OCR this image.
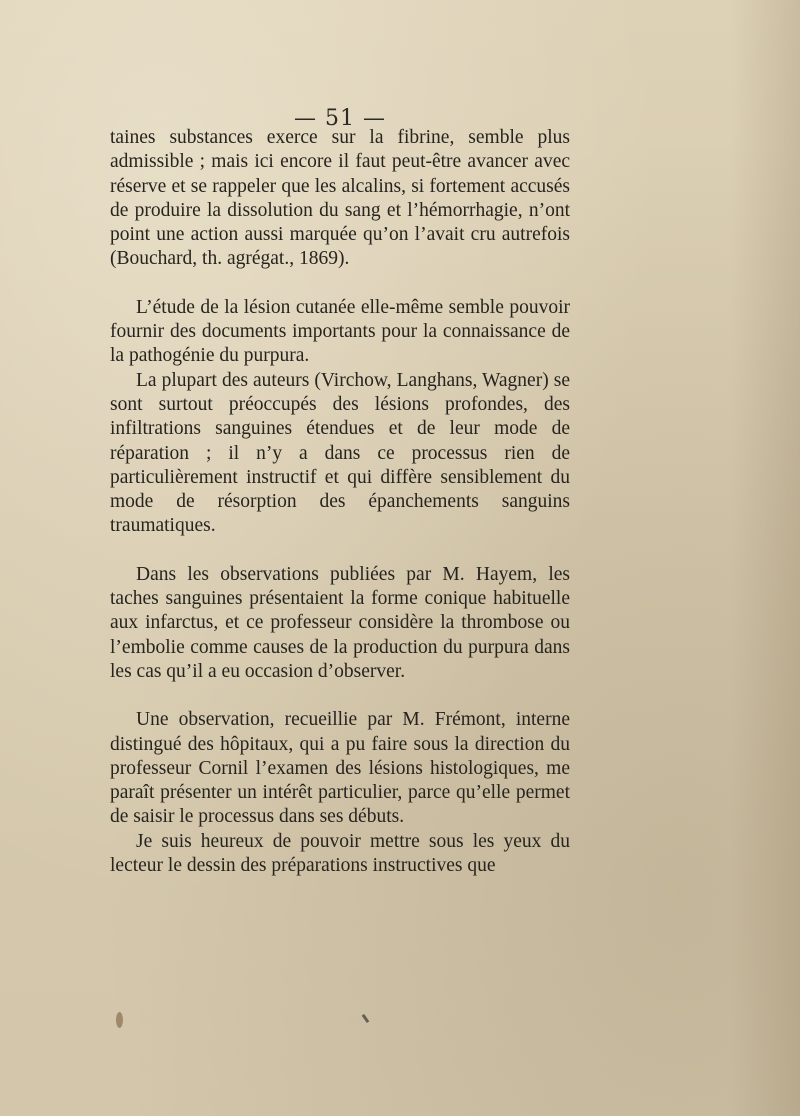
— 51 —

taines substances exerce sur la fibrine, semble plus admissible ; mais ici encore il faut peut-être avancer avec réserve et se rappeler que les alcalins, si fortement accusés de produire la dissolution du sang et l’hémorrhagie, n’ont point une action aussi marquée qu’on l’avait cru autrefois (Bouchard, th. agrégat., 1869).

L’étude de la lésion cutanée elle-même semble pouvoir fournir des documents importants pour la connaissance de la pathogénie du purpura.

La plupart des auteurs (Virchow, Langhans, Wagner) se sont surtout préoccupés des lésions profondes, des infiltrations sanguines étendues et de leur mode de réparation ; il n’y a dans ce processus rien de particulièrement instructif et qui diffère sensiblement du mode de résorption des épanchements sanguins traumatiques.

Dans les observations publiées par M. Hayem, les taches sanguines présentaient la forme conique habituelle aux infarctus, et ce professeur considère la thrombose ou l’embolie comme causes de la production du purpura dans les cas qu’il a eu occasion d’observer.

Une observation, recueillie par M. Frémont, interne distingué des hôpitaux, qui a pu faire sous la direction du professeur Cornil l’examen des lésions histologiques, me paraît présenter un intérêt particulier, parce qu’elle permet de saisir le processus dans ses débuts.

Je suis heureux de pouvoir mettre sous les yeux du lecteur le dessin des préparations instructives que
